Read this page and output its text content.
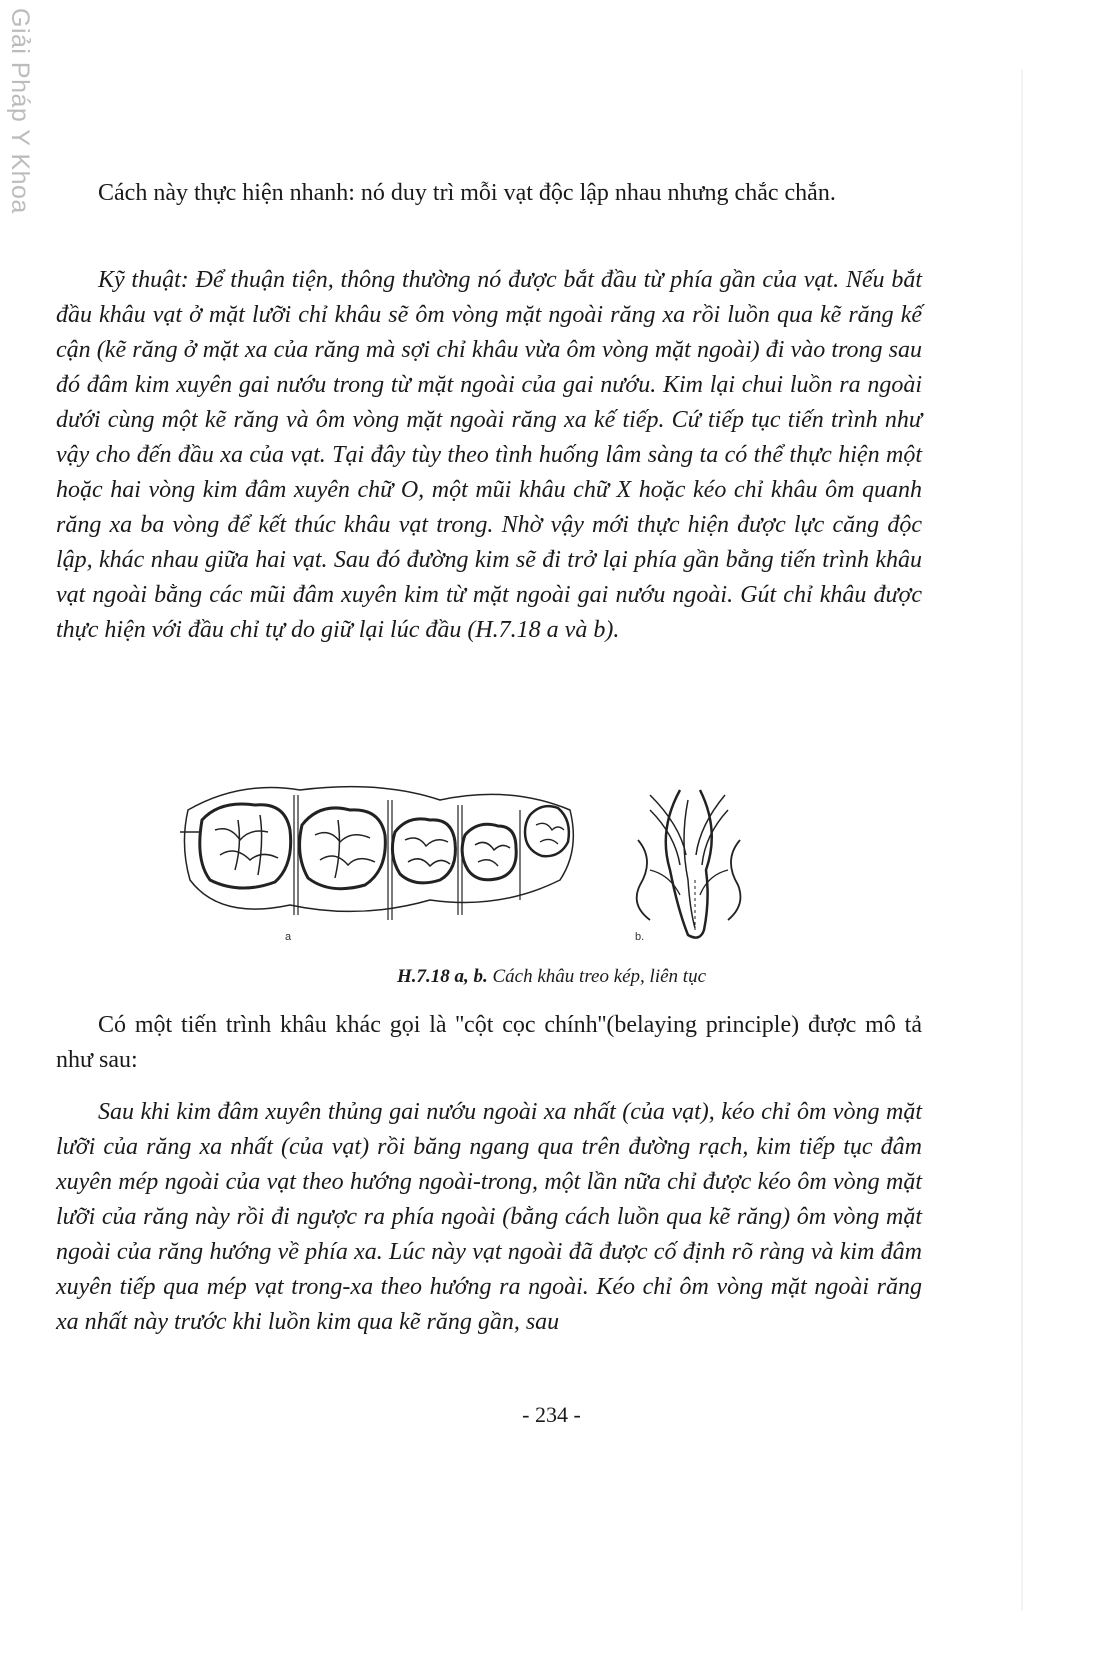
Giải Pháp Y Khoa	Cách này thực hiện nhanh: nó duy trì mỗi vạt độc lập nhau nhưng chắc chắn.

Kỹ thuật: Để thuận tiện, thông thường nó được bắt đầu từ phía gần của vạt. Nếu bắt đầu khâu vạt ở mặt lưỡi chỉ khâu sẽ ôm vòng mặt ngoài răng xa rồi luồn qua kẽ răng kế cận (kẽ răng ở mặt xa của răng mà sợi chỉ khâu vừa ôm vòng mặt ngoài) đi vào trong sau đó đâm kim xuyên gai nướu trong từ mặt ngoài của gai nướu. Kim lại chui luồn ra ngoài dưới cùng một kẽ răng và ôm vòng mặt ngoài răng xa kế tiếp. Cứ tiếp tục tiến trình như vậy cho đến đầu xa của vạt. Tại đây tùy theo tình huống lâm sàng ta có thể thực hiện một hoặc hai vòng kim đâm xuyên chữ O, một mũi khâu chữ X hoặc kéo chỉ khâu ôm quanh răng xa ba vòng để kết thúc khâu vạt trong. Nhờ vậy mới thực hiện được lực căng độc lập, khác nhau giữa hai vạt. Sau đó đường kim sẽ đi trở lại phía gần bằng tiến trình khâu vạt ngoài bằng các mũi đâm xuyên kim từ mặt ngoài gai nướu ngoài. Gút chỉ khâu được thực hiện với đầu chỉ tự do giữ lại lúc đầu (H.7.18 a và b).

a	b.

H.7.18 a, b. Cách khâu treo kép, liên tục

Có một tiến trình khâu khác gọi là ''cột cọc chính''(belaying principle) được mô tả như sau:

Sau khi kim đâm xuyên thủng gai nướu ngoài xa nhất (của vạt), kéo chỉ ôm vòng mặt lưỡi của răng xa nhất (của vạt) rồi băng ngang qua trên đường rạch, kim tiếp tục đâm xuyên mép ngoài của vạt theo hướng ngoài-trong, một lần nữa chỉ được kéo ôm vòng mặt lưỡi của răng này rồi đi ngược ra phía ngoài (bằng cách luồn qua kẽ răng) ôm vòng mặt ngoài của răng hướng về phía xa. Lúc này vạt ngoài đã được cố định rõ ràng và kim đâm xuyên tiếp qua mép vạt trong-xa theo hướng ra ngoài. Kéo chỉ ôm vòng mặt ngoài răng xa nhất này trước khi luồn kim qua kẽ răng gần, sau

- 234 -
